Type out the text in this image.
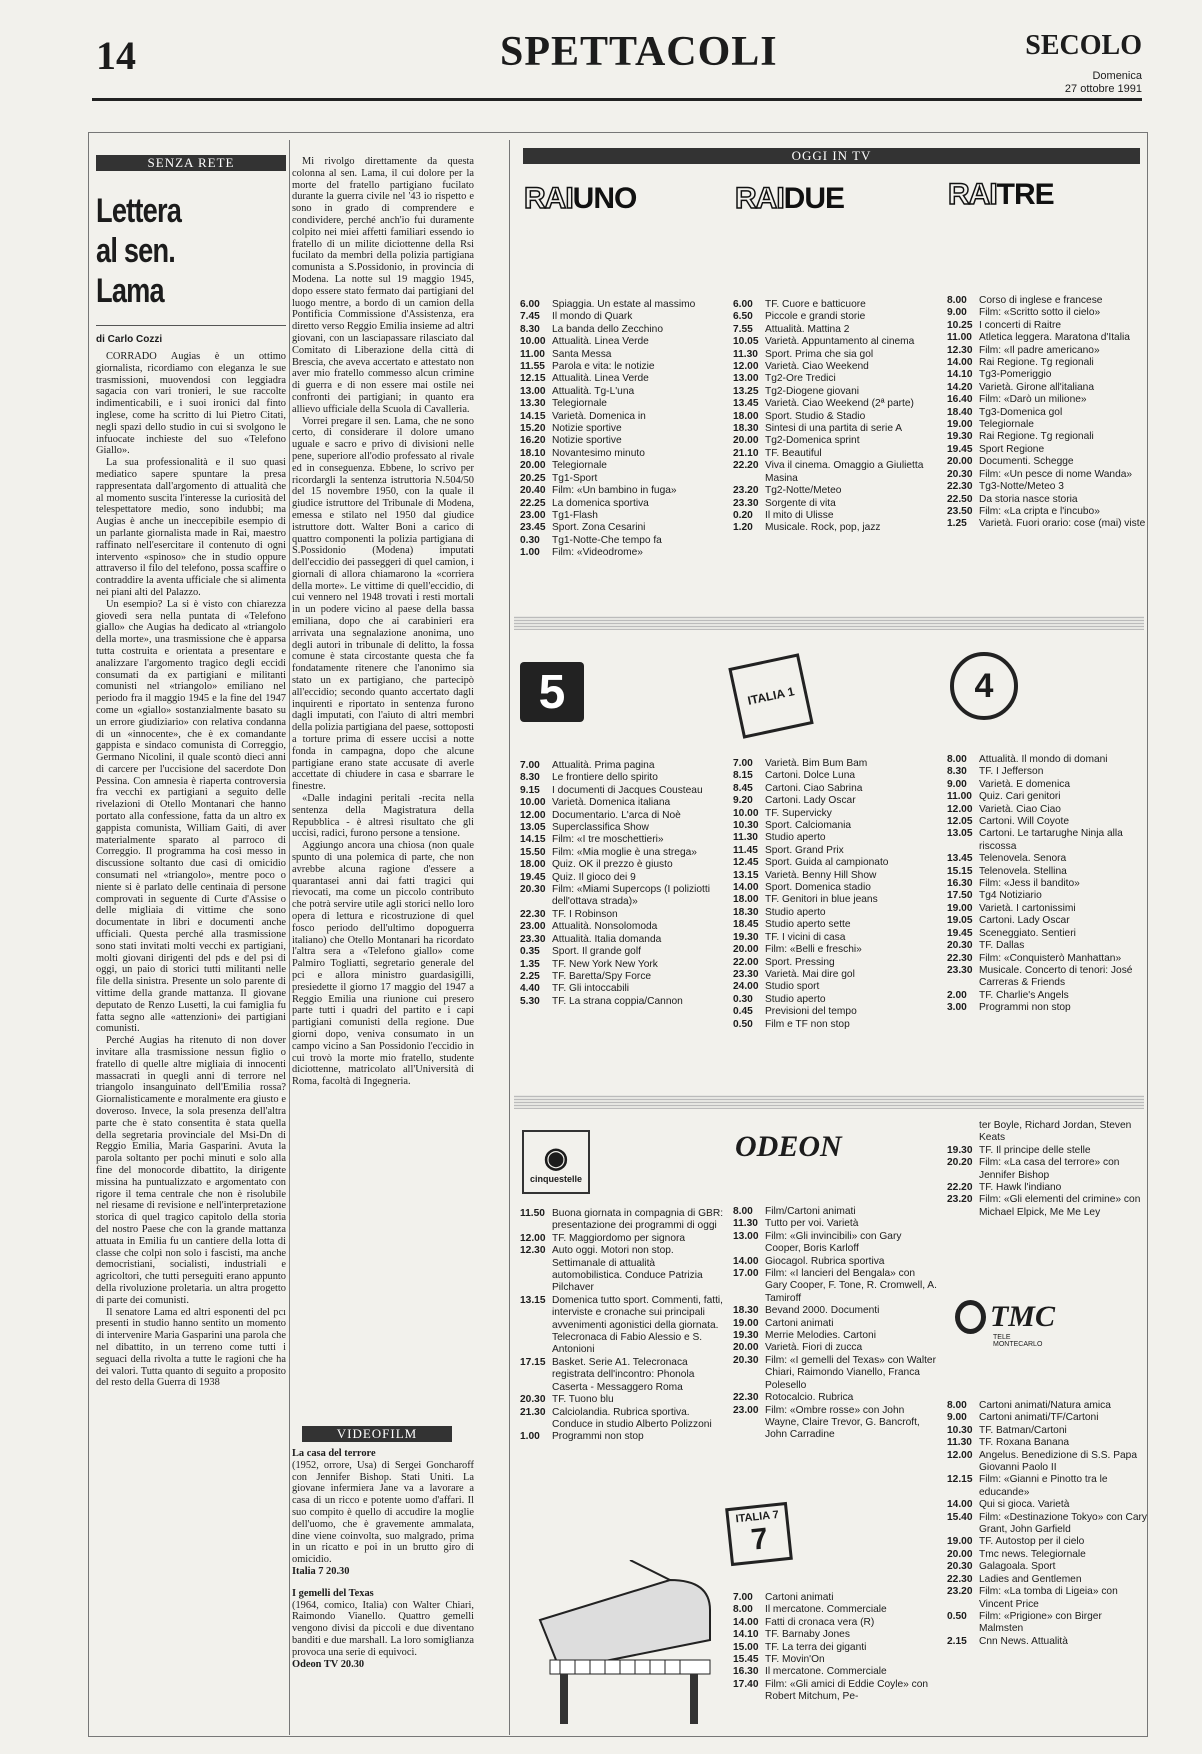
14	SPETTACOLI	SECOLO
Domenica
27 ottobre 1991
SENZA RETE
Lettera
al sen. Lama
di Carlo Cozzi

CORRADO Augias è un ottimo giornalista, ricordiamo con eleganza le sue trasmissioni, muovendosi con leggiadra sagacia con vari tronieri, le sue raccolte indimenticabili, e i suoi ironici dal finto inglese, come ha scritto di lui Pietro Citati, negli spazi dello studio in cui si svolgono le infuocate inchieste del suo «Telefono Giallo».

La sua professionalità e il suo quasi mediatico sapere spuntare la presa rappresentata dall'argomento di attualità che al momento suscita l'interesse la curiosità del telespettatore medio, sono indubbi; ma Augias è anche un ineccepibile esempio di un parlante giornalista made in Rai, maestro raffinato nell'esercitare il contenuto di ogni intervento «spinoso» che in studio oppure attraverso il filo del telefono, possa scaffire o contraddire la aventa ufficiale che si alimenta nei piani alti del Palazzo.

Un esempio? La si è visto con chiarezza giovedì sera nella puntata di «Telefono giallo» che Augias ha dedicato al «triangolo della morte», una trasmissione che è apparsa tutta costruita e orientata a presentare e analizzare l'argomento tragico degli eccidi consumati da ex partigiani e militanti comunisti nel «triangolo» emiliano nel periodo fra il maggio 1945 e la fine del 1947 come un «giallo» sostanzialmente basato su un errore giudiziario» con relativa condanna di un «innocente», che è ex comandante gappista e sindaco comunista di Correggio, Germano Nicolini, il quale scontò dieci anni di carcere per l'uccisione del sacerdote Don Pessina. Con amnesia è riaperta controversia fra vecchi ex partigiani a seguito delle rivelazioni di Otello Montanari che hanno portato alla confessione, fatta da un altro ex gappista comunista, William Gaiti, di aver materialmente sparato al parroco di Correggio. Il programma ha così messo in discussione soltanto due casi di omicidio consumati nel «triangolo», mentre poco o niente si è parlato delle centinaia di persone comprovati in seguente di Curte d'Assise o delle migliaia di vittime che sono documentate in libri e documenti anche ufficiali. Questa perché alla trasmissione sono stati invitati molti vecchi ex partigiani, molti giovani dirigenti del pds e del psi di oggi, un paio di storici tutti militanti nelle file della sinistra. Presente un solo parente di vittime della grande mattanza. Il giovane deputato de Renzo Lusetti, la cui famiglia fu fatta segno alle «attenzioni» dei partigiani comunisti.

Perché Augias ha ritenuto di non dover invitare alla trasmissione nessun figlio o fratello di quelle altre migliaia di innocenti massacrati in quegli anni di terrore nel triangolo insanguinato dell'Emilia rossa? Giornalisticamente e moralmente era giusto e doveroso. Invece, la sola presenza dell'altra parte che è stato consentita è stata quella della segretaria provinciale del Msi-Dn di Reggio Emilia, Maria Gasparini. Avuta la parola soltanto per pochi minuti e solo alla fine del monocorde dibattito, la dirigente missina ha puntualizzato e argomentato con rigore il tema centrale che non è risolubile nel riesame di revisione e nell'interpretazione storica di quel tragico capitolo della storia del nostro Paese che con la grande mattanza attuata in Emilia fu un cantiere della lotta di classe che colpì non solo i fascisti, ma anche democristiani, socialisti, industriali e agricoltori, che tutti perseguiti erano appunto della rivoluzione proletaria. un altra progetto di parte dei comunisti.

Il senatore Lama ed altri esponenti del pcı presenti in studio hanno sentito un momento di intervenire Maria Gasparini una parola che nel dibattito, in un terreno come tutti i seguaci della rivolta a tutte le ragioni che ha dei valori. Tutta quanto di seguito a proposito del resto della Guerra di 1938

Mi rivolgo direttamente da questa colonna al sen. Lama, il cui dolore per la morte del fratello partigiano fucilato durante la guerra civile nel '43 io rispetto e sono in grado di comprendere e condividere, perché anch'io fui duramente colpito nei miei affetti familiari essendo io fratello di un milite diciottenne della Rsi fucilato da membri della polizia partigiana comunista a S.Possidonio, in provincia di Modena. La notte sul 19 maggio 1945, dopo essere stato fermato dai partigiani del luogo mentre, a bordo di un camion della Pontificia Commissione d'Assistenza, era diretto verso Reggio Emilia insieme ad altri giovani, con un lasciapassare rilasciato dal Comitato di Liberazione della città di Brescia, che aveva accertato e attestato non aver mio fratello commesso alcun crimine di guerra e di non essere mai ostile nei confronti dei partigiani; in quanto era allievo ufficiale della Scuola di Cavalleria.

Vorrei pregare il sen. Lama, che ne sono certo, di considerare il dolore umano uguale e sacro e privo di divisioni nelle pene, superiore all'odio professato al rivale ed in conseguenza. Ebbene, lo scrivo per ricordargli la sentenza istruttoria N.504/50 del 15 novembre 1950, con la quale il giudice istruttore del Tribunale di Modena, emessa e stilato nel 1950 dal giudice istruttore dott. Walter Boni a carico di quattro componenti la polizia partigiana di S.Possidonio (Modena) imputati dell'eccidio dei passeggeri di quel camion, i giornali di allora chiamarono la «corriera della morte». Le vittime di quell'eccidio, di cui vennero nel 1948 trovati i resti mortali in un podere vicino al paese della bassa emiliana, dopo che ai carabinieri era arrivata una segnalazione anonima, uno degli autori in tribunale di delitto, la fossa comune è stata circostante questa che fa fondatamente ritenere che l'anonimo sia stato un ex partigiano, che partecipò all'eccidio; secondo quanto accertato dagli inquirenti e riportato in sentenza furono dagli imputati, con l'aiuto di altri membri della polizia partigiana del paese, sottoposti a torture prima di essere uccisi a notte fonda in campagna, dopo che alcune partigiane erano state accusate di averle accettate di chiudere in casa e sbarrare le finestre.

«Dalle indagini peritali -recita nella sentenza della Magistratura della Repubblica - è altresì risultato che gli uccisi, radici, furono persone a tensione.

Aggiungo ancora una chiosa (non quale spunto di una polemica di parte, che non avrebbe alcuna ragione d'essere a quarantasei anni dai fatti tragici qui rievocati, ma come un piccolo contributo che potrà servire utile agli storici nello loro opera di lettura e ricostruzione di quel fosco periodo dell'ultimo dopoguerra italiano) che Otello Montanari ha ricordato l'altra sera a «Telefono giallo» come Palmiro Togliatti, segretario generale del pci e allora ministro guardasigilli, presiedette il giorno 17 maggio del 1947 a Reggio Emilia una riunione cui presero parte tutti i quadri del partito e i capi partigiani comunisti della regione. Due giorni dopo, veniva consumato in un campo vicino a San Possidonio l'eccidio in cui trovò la morte mio fratello, studente diciottenne, matricolato all'Università di Roma, facoltà di Ingegneria.

VIDEOFILM
La casa del terrore
(1952, orrore, Usa) di Sergei Goncharoff con Jennifer Bishop. Stati Uniti. La giovane infermiera Jane va a lavorare a casa di un ricco e potente uomo d'affari. Il suo compito è quello di accudire la moglie dell'uomo, che è gravemente ammalata, dine viene coinvolta, suo malgrado, prima in un ricatto e poi in un brutto giro di omicidio.
Italia 7 20.30
I gemelli del Texas
(1964, comico, Italia) con Walter Chiari, Raimondo Vianello. Quattro gemelli vengono divisi da piccoli e due diventano banditi e due marshall. La loro somiglianza provoca una serie di equivoci.
Odeon TV 20.30
OGGI IN TV
RAIUNO	RAIDUE	RAITRE
6.00	Spiaggia. Un estate al massimo
7.45	Il mondo di Quark
8.30	La banda dello Zecchino
10.00 Attualità. Linea Verde
11.00 Santa Messa
11.55 Parola e vita: le notizie
12.15 Attualità. Linea Verde
13.00 Attualità. Tg-L'una
13.30 Telegiornale
14.15 Varietà. Domenica in
15.20 Notizie sportive
16.20 Notizie sportive
18.10 Novantesimo minuto
20.00 Telegiornale
20.25 Tg1-Sport
20.40 Film: «Un bambino in fuga»
22.25 La domenica sportiva
23.00 Tg1-Flash
23.45 Sport. Zona Cesarini
0.30	Tg1-Notte-Che tempo fa
1.00	Film: «Videodrome»
6.00	TF. Cuore e batticuore
6.50	Piccole e grandi storie
7.55	Attualità. Mattina 2
10.05 Varietà. Appuntamento al cinema
11.30 Sport. Prima che sia gol
12.00 Varietà. Ciao Weekend
13.00 Tg2-Ore Tredici
13.25 Tg2-Diogene giovani
13.45 Varietà. Ciao Weekend (2ª parte)
18.00 Sport. Studio & Stadio
18.30 Sintesi di una partita di serie A
20.00 Tg2-Domenica sprint
21.10 TF. Beautiful
22.20 Viva il cinema. Omaggio a Giulietta Masina
23.20 Tg2-Notte/Meteo
23.30 Sorgente di vita
0.20	Il mito di Ulisse
1.20	Musicale. Rock, pop, jazz
8.00	Corso di inglese e francese
9.00	Film: «Scritto sotto il cielo»
10.25 I concerti di Raitre
11.00 Atletica leggera. Maratona d'Italia
12.30 Film: «Il padre americano»
14.00 Rai Regione. Tg regionali
14.10 Tg3-Pomeriggio
14.20 Varietà. Girone all'italiana
16.40 Film: «Darò un milione»
18.40 Tg3-Domenica gol
19.00 Telegiornale
19.30 Rai Regione. Tg regionali
19.45 Sport Regione
20.00 Documenti. Schegge
20.30 Film: «Un pesce di nome Wanda»
22.30 Tg3-Notte/Meteo 3
22.50 Da storia nasce storia
23.50 Film: «La cripta e l'incubo»
1.25	Varietà. Fuori orario: cose (mai) viste
5	ITALIA 1	4
7.00	Attualità. Prima pagina
8.30	Le frontiere dello spirito
9.15	I documenti di Jacques Cousteau
10.00 Varietà. Domenica italiana
12.00 Documentario. L'arca di Noè
13.05 Superclassifica Show
14.15 Film: «I tre moschettieri»
15.50 Film: «Mia moglie è una strega»
18.00 Quiz. OK il prezzo è giusto
19.45 Quiz. Il gioco dei 9
20.30 Film: «Miami Supercops (I poliziotti dell'ottava strada)»
22.30 TF. I Robinson
23.00 Attualità. Nonsolomoda
23.30 Attualità. Italia domanda
0.35	Sport. Il grande golf
1.35	TF. New York New York
2.25	TF. Baretta/Spy Force
4.40	TF. Gli intoccabili
5.30	TF. La strana coppia/Cannon
7.00	Varietà. Bim Bum Bam
8.15	Cartoni. Dolce Luna
8.45	Cartoni. Ciao Sabrina
9.20	Cartoni. Lady Oscar
10.00 TF. Supervicky
10.30 Sport. Calciomania
11.30 Studio aperto
11.45 Sport. Grand Prix
12.45 Sport. Guida al campionato
13.15 Varietà. Benny Hill Show
14.00 Sport. Domenica stadio
18.00 TF. Genitori in blue jeans
18.30 Studio aperto
18.45 Studio aperto sette
19.30 TF. I vicini di casa
20.00 Film: «Belli e freschi»
22.00 Sport. Pressing
23.30 Varietà. Mai dire gol
24.00 Studio sport
0.30	Studio aperto
0.45	Previsioni del tempo
0.50	Film e TF non stop
8.00	Attualità. Il mondo di domani
8.30	TF. I Jefferson
9.00	Varietà. E domenica
11.00 Quiz. Cari genitori
12.00 Varietà. Ciao Ciao
12.05 Cartoni. Will Coyote
13.05 Cartoni. Le tartarughe Ninja alla riscossa
13.45 Telenovela. Senora
15.15 Telenovela. Stellina
16.30 Film: «Jess il bandito»
17.50 Tg4 Notiziario
19.00 Varietà. I cartonissimi
19.05 Cartoni. Lady Oscar
19.45 Sceneggiato. Sentieri
20.30 TF. Dallas
22.30 Film: «Conquisterò Manhattan»
23.30 Musicale. Concerto di tenori: José Carreras & Friends
2.00	TF. Charlie's Angels
3.00	Programmi non stop
◉
cinquestelle
ODEON
11.50 Buona giornata in compagnia di GBR: presentazione dei programmi di oggi
12.00 TF. Maggiordomo per signora
12.30 Auto oggi. Motori non stop. Settimanale di attualità automobilistica. Conduce Patrizia Pilchaver
13.15 Domenica tutto sport. Commenti, fatti, interviste e cronache sui principali avvenimenti agonistici della giornata. Telecronaca di Fabio Alessio e S. Antonioni
17.15 Basket. Serie A1. Telecronaca registrata dell'incontro: Phonola Caserta - Messaggero Roma
20.30 TF. Tuono blu
21.30 Calciolandia. Rubrica sportiva. Conduce in studio Alberto Polizzoni
1.00	Programmi non stop
8.00	Film/Cartoni animati
11.30 Tutto per voi. Varietà
13.00 Film: «Gli invincibili» con Gary Cooper, Boris Karloff
14.00 Giocagol. Rubrica sportiva
17.00 Film: «I lancieri del Bengala» con Gary Cooper, F. Tone, R. Cromwell, A. Tamiroff
18.30 Bevand 2000. Documenti
19.00 Cartoni animati
19.30 Merrie Melodies. Cartoni
20.00 Varietà. Fiori di zucca
20.30 Film: «I gemelli del Texas» con Walter Chiari, Raimondo Vianello, Franca Polesello
22.30 Rotocalcio. Rubrica
23.00 Film: «Ombre rosse» con John Wayne, Claire Trevor, G. Bancroft, John Carradine
ter Boyle, Richard Jordan, Steven Keats
19.30 TF. Il principe delle stelle
20.20 Film: «La casa del terrore» con Jennifer Bishop
22.20 TF. Hawk l'indiano
23.20 Film: «Gli elementi del crimine» con Michael Elpick, Me Me Ley
TMC
TELE MONTECARLO
8.00	Cartoni animati/Natura amica
9.00	Cartoni animati/TF/Cartoni
10.30 TF. Batman/Cartoni
11.30 TF. Roxana Banana
12.00 Angelus. Benedizione di S.S. Papa Giovanni Paolo II
12.15 Film: «Gianni e Pinotto tra le educande»
14.00 Qui si gioca. Varietà
15.40 Film: «Destinazione Tokyo» con Cary Grant, John Garfield
19.00 TF. Autostop per il cielo
20.00 Tmc news. Telegiornale
20.30 Galagoala. Sport
22.30 Ladies and Gentlemen
23.20 Film: «La tomba di Ligeia» con Vincent Price
0.50	Film: «Prigione» con Birger Malmsten
2.15	Cnn News. Attualità
ITALIA 7
7
7.00	Cartoni animati
8.00	Il mercatone. Commerciale
14.00 Fatti di cronaca vera (R)
14.10 TF. Barnaby Jones
15.00 TF. La terra dei giganti
15.45 TF. Movin'On
16.30 Il mercatone. Commerciale
17.40 Film: «Gli amici di Eddie Coyle» con Robert Mitchum, Pe-
